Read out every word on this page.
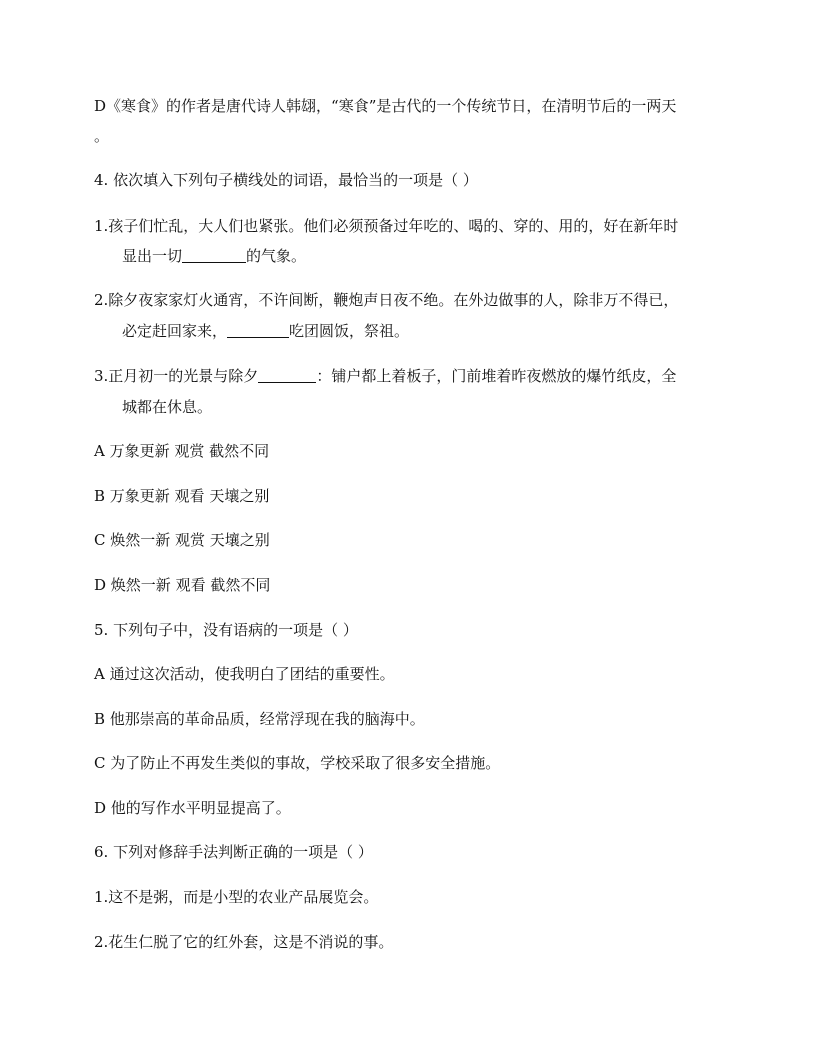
D《寒食》的作者是唐代诗人韩翃，“寒食”是古代的一个传统节日，在清明节后的一两天
。
4. 依次填入下列句子横线处的词语，最恰当的一项是（ ）
1.孩子们忙乱，大人们也紧张。他们必须预备过年吃的、喝的、穿的、用的，好在新年时
显出一切	的气象。
2.除夕夜家家灯火通宵，不许间断，鞭炮声日夜不绝。在外边做事的人，除非万不得已，
必定赶回家来，	吃团圆饭，祭祖。
3.正月初一的光景与除夕	：铺户都上着板子，门前堆着昨夜燃放的爆竹纸皮，全
城都在休息。
A 万象更新 观赏 截然不同
B 万象更新 观看 天壤之别
C 焕然一新 观赏 天壤之别
D 焕然一新 观看 截然不同
5. 下列句子中，没有语病的一项是（ ）
A 通过这次活动，使我明白了团结的重要性。
B 他那崇高的革命品质，经常浮现在我的脑海中。
C 为了防止不再发生类似的事故，学校采取了很多安全措施。
D 他的写作水平明显提高了。
6. 下列对修辞手法判断正确的一项是（ ）
1.这不是粥，而是小型的农业产品展览会。
2.花生仁脱了它的红外套，这是不消说的事。
